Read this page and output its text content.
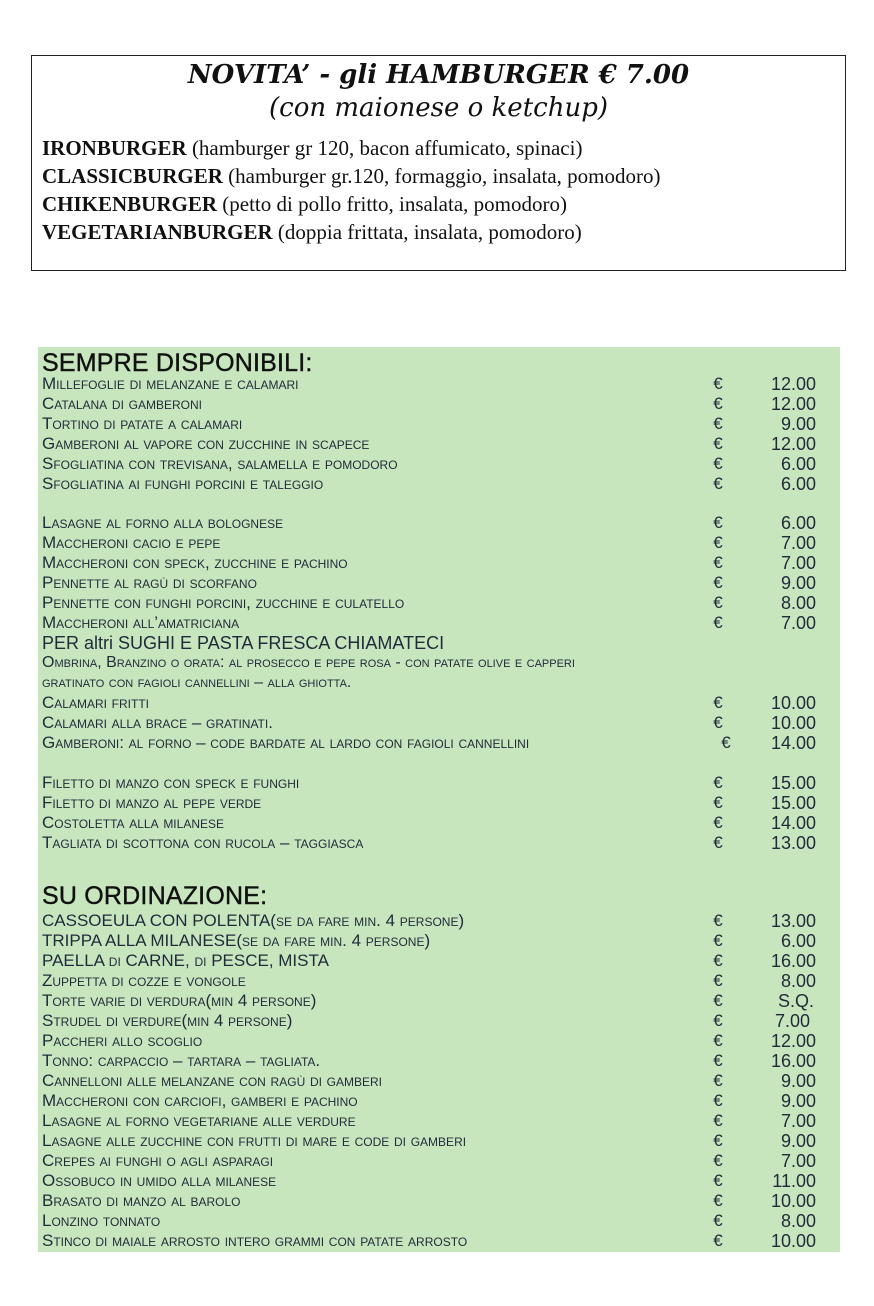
NOVITA’ - gli HAMBURGER € 7.00
(con maionese o ketchup)
IRONBURGER (hamburger gr 120, bacon affumicato, spinaci)
CLASSICBURGER (hamburger gr.120, formaggio, insalata, pomodoro)
CHIKENBURGER (petto di pollo fritto, insalata, pomodoro)
VEGETARIANBURGER (doppia frittata, insalata, pomodoro)
SEMPRE DISPONIBILI:
Millefoglie di melanzane e calamari	€	12.00
Catalana di gamberoni	€	12.00
Tortino di patate a calamari	€	9.00
Gamberoni al vapore con zucchine in scapece	€	12.00
Sfogliatina con trevisana, salamella e pomodoro	€	6.00
Sfogliatina ai funghi porcini e taleggio	€	6.00
Lasagne al forno alla bolognese	€	6.00
Maccheroni cacio e pepe	€	7.00
Maccheroni con speck, zucchine e pachino	€	7.00
Pennette al ragù di scorfano	€	9.00
Pennette con funghi porcini, zucchine e culatello	€	8.00
Maccheroni all’amatriciana	€	7.00
PER altri SUGHI E PASTA FRESCA CHIAMATECI
Ombrina, Branzino o orata: al prosecco e pepe rosa - con patate olive e capperi
gratinato con fagioli cannellini – alla ghiotta.
Calamari fritti	€	10.00
Calamari alla brace – gratinati.	€	10.00
Gamberoni: al forno – code bardate al lardo con fagioli cannellini	€ 14.00
Filetto di manzo con speck e funghi	€	15.00
Filetto di manzo al pepe verde	€	15.00
Costoletta alla milanese	€	14.00
Tagliata di scottona con rucola – taggiasca	€	13.00
SU ORDINAZIONE:
CASSOEULA CON POLENTA(se da fare min. 4 persone)	€	13.00
TRIPPA ALLA MILANESE(se da fare min. 4 persone)	€	6.00
PAELLA di CARNE, di PESCE, MISTA	€	16.00
Zuppetta di cozze e vongole	€	8.00
Torte varie di verdura(min 4 persone)	€	S.Q.
Strudel di verdure(min 4 persone)	€	7.00
Paccheri allo scoglio	€	12.00
Tonno: carpaccio – tartara – tagliata.	€	16.00
Cannelloni alle melanzane con ragù di gamberi	€	9.00
Maccheroni con carciofi, gamberi e pachino	€	9.00
Lasagne al forno vegetariane alle verdure	€	7.00
Lasagne alle zucchine con frutti di mare e code di gamberi	€	9.00
Crepes ai funghi o agli asparagi	€	7.00
Ossobuco in umido alla milanese	€	11.00
Brasato di manzo al barolo	€	10.00
Lonzino tonnato	€	8.00
Stinco di maiale arrosto intero grammi con patate arrosto	€	10.00
